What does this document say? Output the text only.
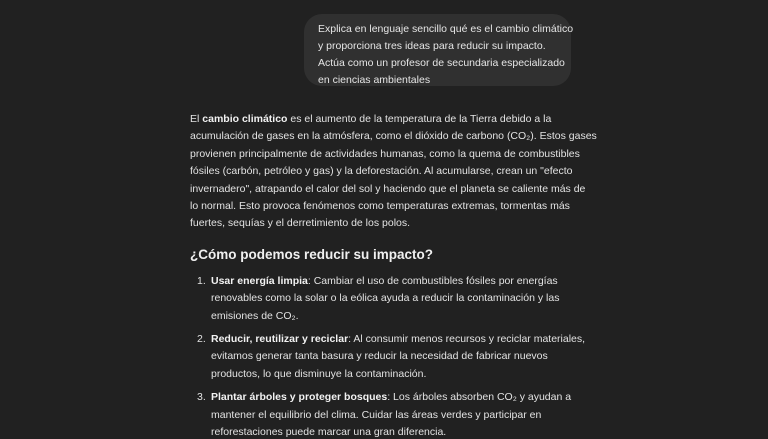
Explica en lenguaje sencillo qué es el cambio climático
y proporciona tres ideas para reducir su impacto.
Actúa como un profesor de secundaria especializado
en ciencias ambientales

El cambio climático es el aumento de la temperatura de la Tierra debido a la
acumulación de gases en la atmósfera, como el dióxido de carbono (CO₂). Estos gases
provienen principalmente de actividades humanas, como la quema de combustibles
fósiles (carbón, petróleo y gas) y la deforestación. Al acumularse, crean un "efecto
invernadero", atrapando el calor del sol y haciendo que el planeta se caliente más de
lo normal. Esto provoca fenómenos como temperaturas extremas, tormentas más
fuertes, sequías y el derretimiento de los polos.

¿Cómo podemos reducir su impacto?
1. Usar energía limpia: Cambiar el uso de combustibles fósiles por energías
renovables como la solar o la eólica ayuda a reducir la contaminación y las
emisiones de CO₂.
2. Reducir, reutilizar y reciclar: Al consumir menos recursos y reciclar materiales,
evitamos generar tanta basura y reducir la necesidad de fabricar nuevos
productos, lo que disminuye la contaminación.
3. Plantar árboles y proteger bosques: Los árboles absorben CO₂ y ayudan a
mantener el equilibrio del clima. Cuidar las áreas verdes y participar en
reforestaciones puede marcar una gran diferencia.
